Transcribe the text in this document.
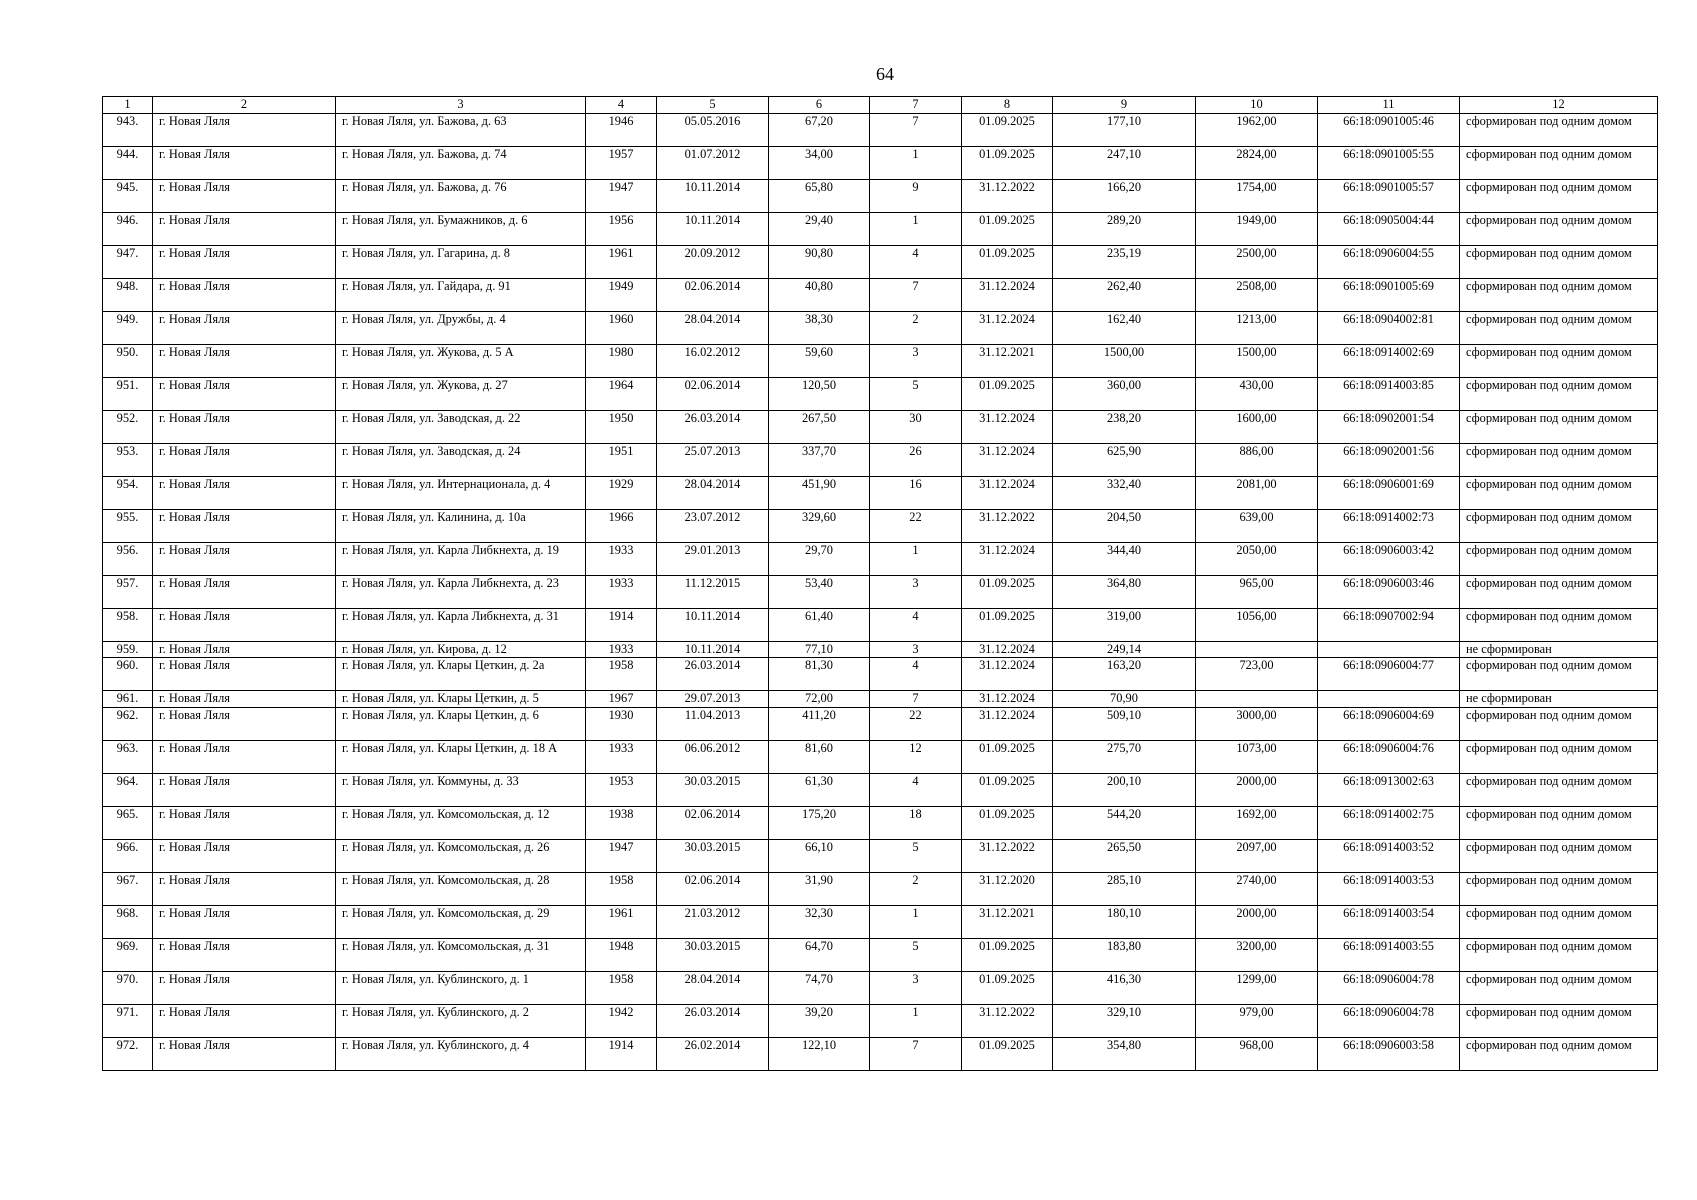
64
1	2	3	4	5	6	7	8	9	10	11	12
943.	г. Новая Ляля	г. Новая Ляля, ул. Бажова, д. 63	1946	05.05.2016	67,20	7	01.09.2025	177,10	1962,00	66:18:0901005:46	сформирован под одним домом
944.	г. Новая Ляля	г. Новая Ляля, ул. Бажова, д. 74	1957	01.07.2012	34,00	1	01.09.2025	247,10	2824,00	66:18:0901005:55	сформирован под одним домом
945.	г. Новая Ляля	г. Новая Ляля, ул. Бажова, д. 76	1947	10.11.2014	65,80	9	31.12.2022	166,20	1754,00	66:18:0901005:57	сформирован под одним домом
946.	г. Новая Ляля	г. Новая Ляля, ул. Бумажников, д. 6	1956	10.11.2014	29,40	1	01.09.2025	289,20	1949,00	66:18:0905004:44	сформирован под одним домом
947.	г. Новая Ляля	г. Новая Ляля, ул. Гагарина, д. 8	1961	20.09.2012	90,80	4	01.09.2025	235,19	2500,00	66:18:0906004:55	сформирован под одним домом
948.	г. Новая Ляля	г. Новая Ляля, ул. Гайдара, д. 91	1949	02.06.2014	40,80	7	31.12.2024	262,40	2508,00	66:18:0901005:69	сформирован под одним домом
949.	г. Новая Ляля	г. Новая Ляля, ул. Дружбы, д. 4	1960	28.04.2014	38,30	2	31.12.2024	162,40	1213,00	66:18:0904002:81	сформирован под одним домом
950.	г. Новая Ляля	г. Новая Ляля, ул. Жукова, д. 5 А	1980	16.02.2012	59,60	3	31.12.2021	1500,00	1500,00	66:18:0914002:69	сформирован под одним домом
951.	г. Новая Ляля	г. Новая Ляля, ул. Жукова, д. 27	1964	02.06.2014	120,50	5	01.09.2025	360,00	430,00	66:18:0914003:85	сформирован под одним домом
952.	г. Новая Ляля	г. Новая Ляля, ул. Заводская, д. 22	1950	26.03.2014	267,50	30	31.12.2024	238,20	1600,00	66:18:0902001:54	сформирован под одним домом
953.	г. Новая Ляля	г. Новая Ляля, ул. Заводская, д. 24	1951	25.07.2013	337,70	26	31.12.2024	625,90	886,00	66:18:0902001:56	сформирован под одним домом
954.	г. Новая Ляля	г. Новая Ляля, ул. Интернационала, д. 4	1929	28.04.2014	451,90	16	31.12.2024	332,40	2081,00	66:18:0906001:69	сформирован под одним домом
955.	г. Новая Ляля	г. Новая Ляля, ул. Калинина, д. 10а	1966	23.07.2012	329,60	22	31.12.2022	204,50	639,00	66:18:0914002:73	сформирован под одним домом
956.	г. Новая Ляля	г. Новая Ляля, ул. Карла Либкнехта, д. 19	1933	29.01.2013	29,70	1	31.12.2024	344,40	2050,00	66:18:0906003:42	сформирован под одним домом
957.	г. Новая Ляля	г. Новая Ляля, ул. Карла Либкнехта, д. 23	1933	11.12.2015	53,40	3	01.09.2025	364,80	965,00	66:18:0906003:46	сформирован под одним домом
958.	г. Новая Ляля	г. Новая Ляля, ул. Карла Либкнехта, д. 31	1914	10.11.2014	61,40	4	01.09.2025	319,00	1056,00	66:18:0907002:94	сформирован под одним домом
959.	г. Новая Ляля	г. Новая Ляля, ул. Кирова, д. 12	1933	10.11.2014	77,10	3	31.12.2024	249,14			не сформирован
960.	г. Новая Ляля	г. Новая Ляля, ул. Клары Цеткин, д. 2а	1958	26.03.2014	81,30	4	31.12.2024	163,20	723,00	66:18:0906004:77	сформирован под одним домом
961.	г. Новая Ляля	г. Новая Ляля, ул. Клары Цеткин, д. 5	1967	29.07.2013	72,00	7	31.12.2024	70,90			не сформирован
962.	г. Новая Ляля	г. Новая Ляля, ул. Клары Цеткин, д. 6	1930	11.04.2013	411,20	22	31.12.2024	509,10	3000,00	66:18:0906004:69	сформирован под одним домом
963.	г. Новая Ляля	г. Новая Ляля, ул. Клары Цеткин, д. 18 А	1933	06.06.2012	81,60	12	01.09.2025	275,70	1073,00	66:18:0906004:76	сформирован под одним домом
964.	г. Новая Ляля	г. Новая Ляля, ул. Коммуны, д. 33	1953	30.03.2015	61,30	4	01.09.2025	200,10	2000,00	66:18:0913002:63	сформирован под одним домом
965.	г. Новая Ляля	г. Новая Ляля, ул. Комсомольская, д. 12	1938	02.06.2014	175,20	18	01.09.2025	544,20	1692,00	66:18:0914002:75	сформирован под одним домом
966.	г. Новая Ляля	г. Новая Ляля, ул. Комсомольская, д. 26	1947	30.03.2015	66,10	5	31.12.2022	265,50	2097,00	66:18:0914003:52	сформирован под одним домом
967.	г. Новая Ляля	г. Новая Ляля, ул. Комсомольская, д. 28	1958	02.06.2014	31,90	2	31.12.2020	285,10	2740,00	66:18:0914003:53	сформирован под одним домом
968.	г. Новая Ляля	г. Новая Ляля, ул. Комсомольская, д. 29	1961	21.03.2012	32,30	1	31.12.2021	180,10	2000,00	66:18:0914003:54	сформирован под одним домом
969.	г. Новая Ляля	г. Новая Ляля, ул. Комсомольская, д. 31	1948	30.03.2015	64,70	5	01.09.2025	183,80	3200,00	66:18:0914003:55	сформирован под одним домом
970.	г. Новая Ляля	г. Новая Ляля, ул. Кублинского, д. 1	1958	28.04.2014	74,70	3	01.09.2025	416,30	1299,00	66:18:0906004:78	сформирован под одним домом
971.	г. Новая Ляля	г. Новая Ляля, ул. Кублинского, д. 2	1942	26.03.2014	39,20	1	31.12.2022	329,10	979,00	66:18:0906004:78	сформирован под одним домом
972.	г. Новая Ляля	г. Новая Ляля, ул. Кублинского, д. 4	1914	26.02.2014	122,10	7	01.09.2025	354,80	968,00	66:18:0906003:58	сформирован под одним домом
